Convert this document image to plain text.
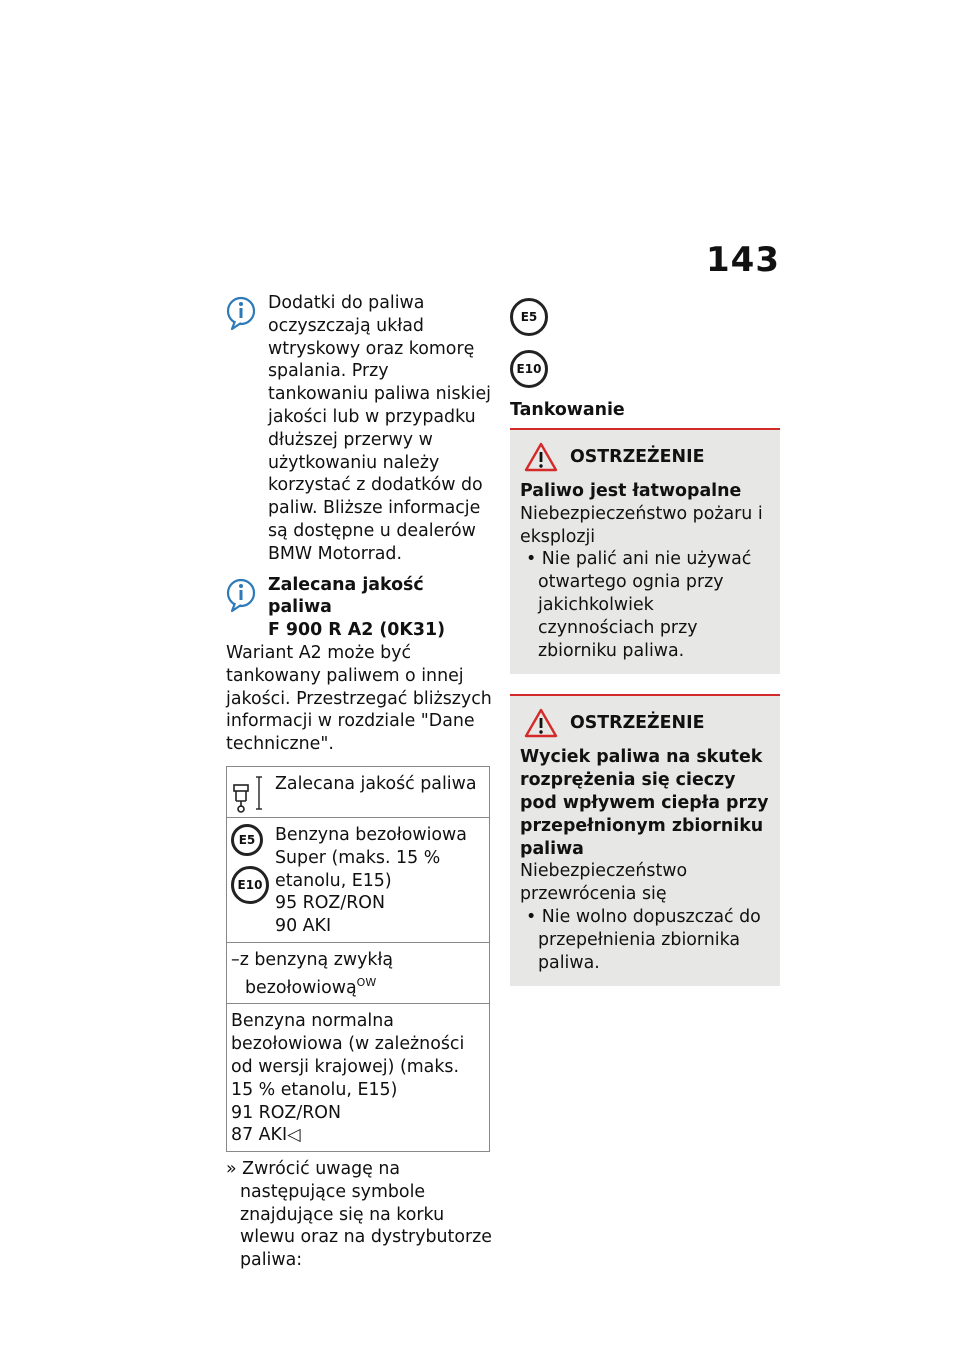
143

Dodatki do paliwa oczyszczają układ wtryskowy oraz komorę spalania. Przy tankowaniu paliwa niskiej jakości lub w przypadku dłuższej przerwy w użytkowaniu należy korzystać z dodatków do paliw. Bliższe informacje są dostępne u dealerów BMW Motorrad.

Zalecana jakość paliwa

F 900 R A2 (0K31)

Wariant A2 może być tankowany paliwem o innej jakości. Przestrzegać bliższych informacji w rozdziale "Dane techniczne".

Zalecana jakość paliwa

E5
E10

Benzyna bezołowiowa

Super (maks. 15 % etanolu, E15)

95 ROZ/RON

90 AKI

–z benzyną zwykłą bezołowiową$^{OW}$

Benzyna normalna bezołowiowa (w zależności od wersji krajowej) (maks. 15 % etanolu, E15)

91 ROZ/RON

87 AKI◁

» Zwrócić uwagę na następujące symbole znajdujące się na korku wlewu oraz na dystrybutorze paliwa:

E5
E10

Tankowanie

OSTRZEŻENIE

Paliwo jest łatwopalne

Niebezpieczeństwo pożaru i eksplozji

• Nie palić ani nie używać otwartego ognia przy jakichkolwiek czynnościach przy zbiorniku paliwa.

OSTRZEŻENIE

Wyciek paliwa na skutek rozprężenia się cieczy pod wpływem ciepła przy przepełnionym zbiorniku paliwa

Niebezpieczeństwo przewrócenia się

• Nie wolno dopuszczać do przepełnienia zbiornika paliwa.
